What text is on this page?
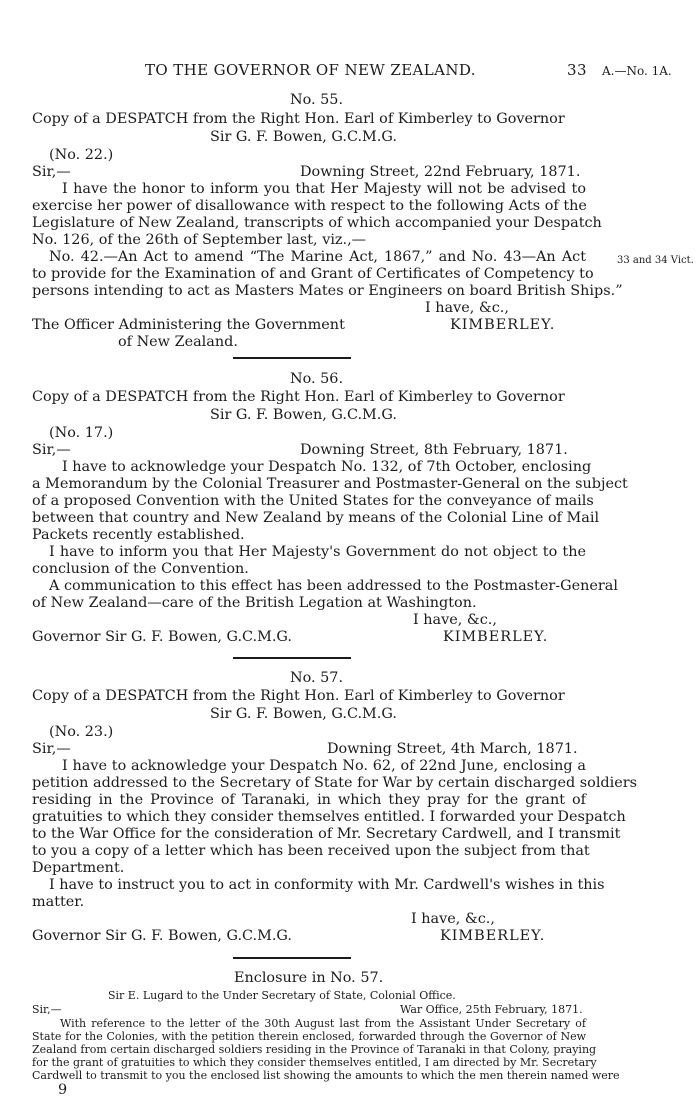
TO THE GOVERNOR OF NEW ZEALAND.	33 A.—No. 1A.
33 and 34 Vict.
No. 55.
Copy of a DESPATCH from the Right Hon. Earl of Kimberley to Governor
Sir G. F. Bowen, G.C.M.G.
(No. 22.)
Sir,—	Downing Street, 22nd February, 1871.
I have the honor to inform you that Her Majesty will not be advised to
exercise her power of disallowance with respect to the following Acts of the
Legislature of New Zealand, transcripts of which accompanied your Despatch
No. 126, of the 26th of September last, viz.,—
No. 42.—An Act to amend “The Marine Act, 1867,” and No. 43—An Act
to provide for the Examination of and Grant of Certificates of Competency to
persons intending to act as Masters Mates or Engineers on board British Ships.”
I have, &c.,
The Officer Administering the Government	KIMBERLEY.
of New Zealand.
No. 56.
Copy of a DESPATCH from the Right Hon. Earl of Kimberley to Governor
Sir G. F. Bowen, G.C.M.G.
(No. 17.)
Sir,—	Downing Street, 8th February, 1871.
I have to acknowledge your Despatch No. 132, of 7th October, enclosing
a Memorandum by the Colonial Treasurer and Postmaster-General on the subject
of a proposed Convention with the United States for the conveyance of mails
between that country and New Zealand by means of the Colonial Line of Mail
Packets recently established.
I have to inform you that Her Majesty's Government do not object to the
conclusion of the Convention.
A communication to this effect has been addressed to the Postmaster-General
of New Zealand—care of the British Legation at Washington.
I have, &c.,
Governor Sir G. F. Bowen, G.C.M.G.	KIMBERLEY.
No. 57.
Copy of a DESPATCH from the Right Hon. Earl of Kimberley to Governor
Sir G. F. Bowen, G.C.M.G.
(No. 23.)
Sir,—	Downing Street, 4th March, 1871.
I have to acknowledge your Despatch No. 62, of 22nd June, enclosing a
petition addressed to the Secretary of State for War by certain discharged soldiers
residing in the Province of Taranaki, in which they pray for the grant of
gratuities to which they consider themselves entitled. I forwarded your Despatch
to the War Office for the consideration of Mr. Secretary Cardwell, and I transmit
to you a copy of a letter which has been received upon the subject from that
Department.
I have to instruct you to act in conformity with Mr. Cardwell's wishes in this
matter.
I have, &c.,
Governor Sir G. F. Bowen, G.C.M.G.	KIMBERLEY.
Enclosure in No. 57.
Sir E. Lugard to the Under Secretary of State, Colonial Office.
Sir,—	War Office, 25th February, 1871.
With reference to the letter of the 30th August last from the Assistant Under Secretary of
State for the Colonies, with the petition therein enclosed, forwarded through the Governor of New
Zealand from certain discharged soldiers residing in the Province of Taranaki in that Colony, praying
for the grant of gratuities to which they consider themselves entitled, I am directed by Mr. Secretary
Cardwell to transmit to you the enclosed list showing the amounts to which the men therein named were
9
